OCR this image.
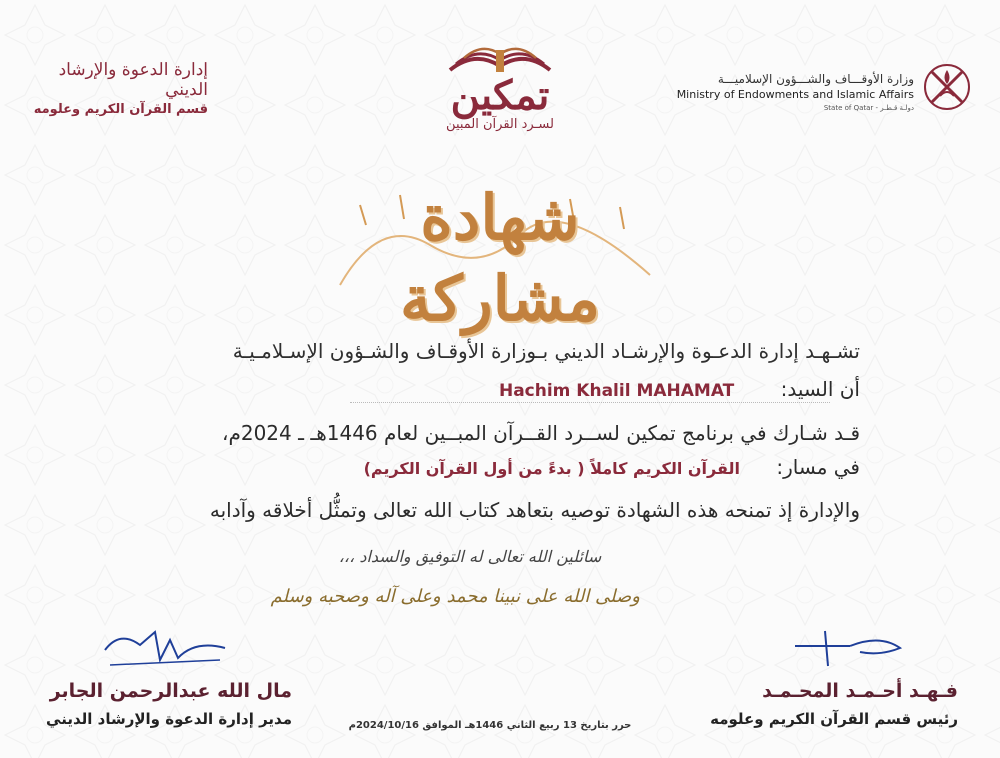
إدارة الدعوة والإرشاد الديني
قسم القرآن الكريم وعلومه	تمكين
لسـرد القرآن المبين
وزارة الأوقـــاف والشـــؤون الإسلاميـــة
Ministry of Endowments and Islamic Affairs
State of Qatar - دولـة قـطـر
شهادة مشاركة
تشـهـد إدارة الدعـوة والإرشـاد الديني بـوزارة الأوقـاف والشـؤون الإسـلامـيـة
أن السيد: Hachim Khalil MAHAMAT
قـد شـارك في برنامج تمكين لســرد القــرآن المبــين لعام 1446هـ ـ 2024م،
في مسار: القرآن الكريم كاملاً ( بدءً من أول القرآن الكريم)
والإدارة إذ تمنحه هذه الشهادة توصيه بتعاهد كتاب الله تعالى وتمثُّل أخلاقه وآدابه
سائلين الله تعالى له التوفيق والسداد ،،،
وصلى الله على نبينا محمد وعلى آله وصحبه وسلم
مال الله عبدالرحمن الجابر
مدير إدارة الدعوة والإرشاد الديني
فـهـد أحـمـد المحـمـد
رئيس قسم القرآن الكريم وعلومه
حرر بتاريخ 13 ربيع الثاني 1446هـ الموافق 2024/10/16م
